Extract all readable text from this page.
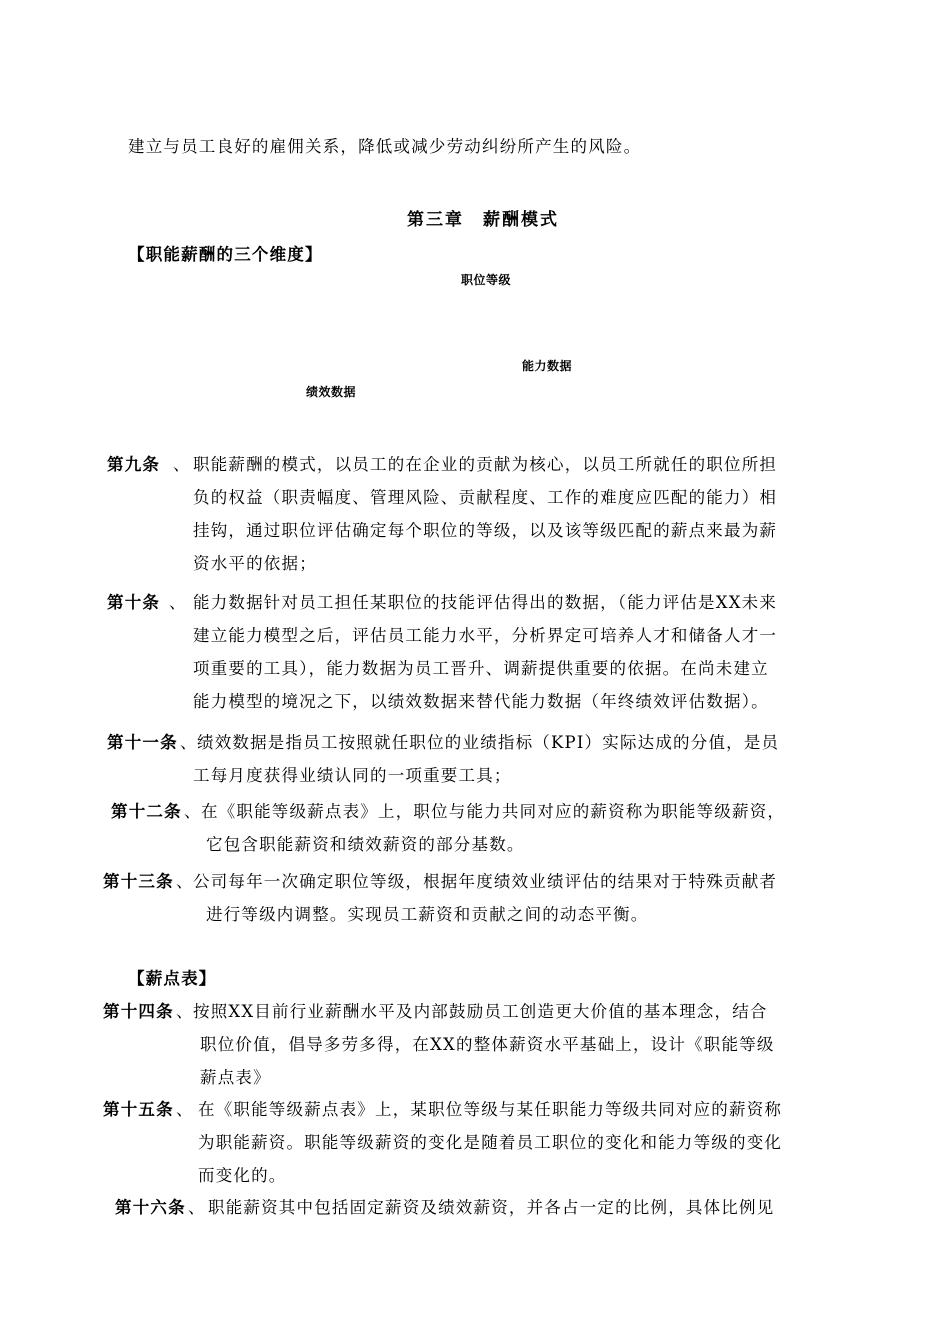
建立与员工良好的雇佣关系，降低或减少劳动纠纷所产生的风险。
第三章　薪酬模式
【职能薪酬的三个维度】
职位等级
能力数据
绩效数据
第九条 、 职能薪酬的模式，以员工的在企业的贡献为核心，以员工所就任的职位所担
负的权益（职责幅度、管理风险、贡献程度、工作的难度应匹配的能力）相
挂钩，通过职位评估确定每个职位的等级，以及该等级匹配的薪点来最为薪
资水平的依据；
第十条 、 能力数据针对员工担任某职位的技能评估得出的数据，（能力评估是XX未来
建立能力模型之后，评估员工能力水平，分析界定可培养人才和储备人才一
项重要的工具），能力数据为员工晋升、调薪提供重要的依据。在尚未建立
能力模型的境况之下，以绩效数据来替代能力数据（年终绩效评估数据）。
第十一条 、 绩效数据是指员工按照就任职位的业绩指标（KPI）实际达成的分值，是员
工每月度获得业绩认同的一项重要工具；
第十二条 、 在《职能等级薪点表》上，职位与能力共同对应的薪资称为职能等级薪资，
它包含职能薪资和绩效薪资的部分基数。
第十三条 、 公司每年一次确定职位等级，根据年度绩效业绩评估的结果对于特殊贡献者
进行等级内调整。实现员工薪资和贡献之间的动态平衡。
【薪点表】
第十四条 、 按照XX目前行业薪酬水平及内部鼓励员工创造更大价值的基本理念，结合
职位价值，倡导多劳多得，在XX的整体薪资水平基础上，设计《职能等级
薪点表》
第十五条 、 在《职能等级薪点表》上，某职位等级与某任职能力等级共同对应的薪资称
为职能薪资。职能等级薪资的变化是随着员工职位的变化和能力等级的变化
而变化的。
第十六条 、 职能薪资其中包括固定薪资及绩效薪资，并各占一定的比例，具体比例见
